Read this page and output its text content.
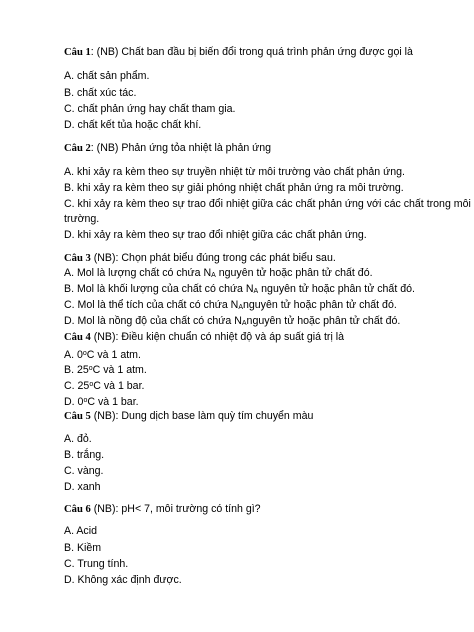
Câu 1: (NB) Chất ban đầu bị biến đổi trong quá trình phản ứng được gọi là
A. chất sản phẩm.
B. chất xúc tác.
C. chất phản ứng hay chất tham gia.
D. chất kết tủa hoặc chất khí.
Câu 2: (NB) Phản ứng tỏa nhiệt là phản ứng
A. khi xảy ra kèm theo sự truyền nhiệt từ môi trường vào chất phản ứng.
B. khi xảy ra kèm theo sự giải phóng nhiệt chất phản ứng ra môi trường.
C. khi xảy ra kèm theo sự trao đổi nhiệt giữa các chất phản ứng với các chất trong môi
trường.
D. khi xảy ra kèm theo sự trao đổi nhiệt giữa các chất phản ứng.
Câu 3 (NB): Chọn phát biểu đúng trong các phát biểu sau.
A. Mol là lượng chất có chứa $N_A$ nguyên tử hoặc phân tử chất đó.
B. Mol là khối lượng của chất có chứa $N_A$ nguyên tử hoặc phân tử chất đó.
C. Mol là thể tích của chất có chứa $N_Anguyên$ tử hoặc phân tử chất đó.
D. Mol là nồng độ của chất có chứa $N_Anguyên$ tử hoặc phân tử chất đó.
Câu 4 (NB): Điều kiện chuẩn có nhiệt độ và áp suất giá trị là
A. 0$^o$C và 1 atm.
B. 25$^o$C và 1 atm.
C. 25$^o$C và 1 bar.
D. 0$^o$C và 1 bar.
Câu 5 (NB): Dung dịch base làm quỳ tím chuyển màu
A. đỏ.
B. trắng.
C. vàng.
D. xanh
Câu 6 (NB): pH< 7, môi trường có tính gì?
A. Acid
B. Kiềm
C. Trung tính.
D. Không xác định được.
